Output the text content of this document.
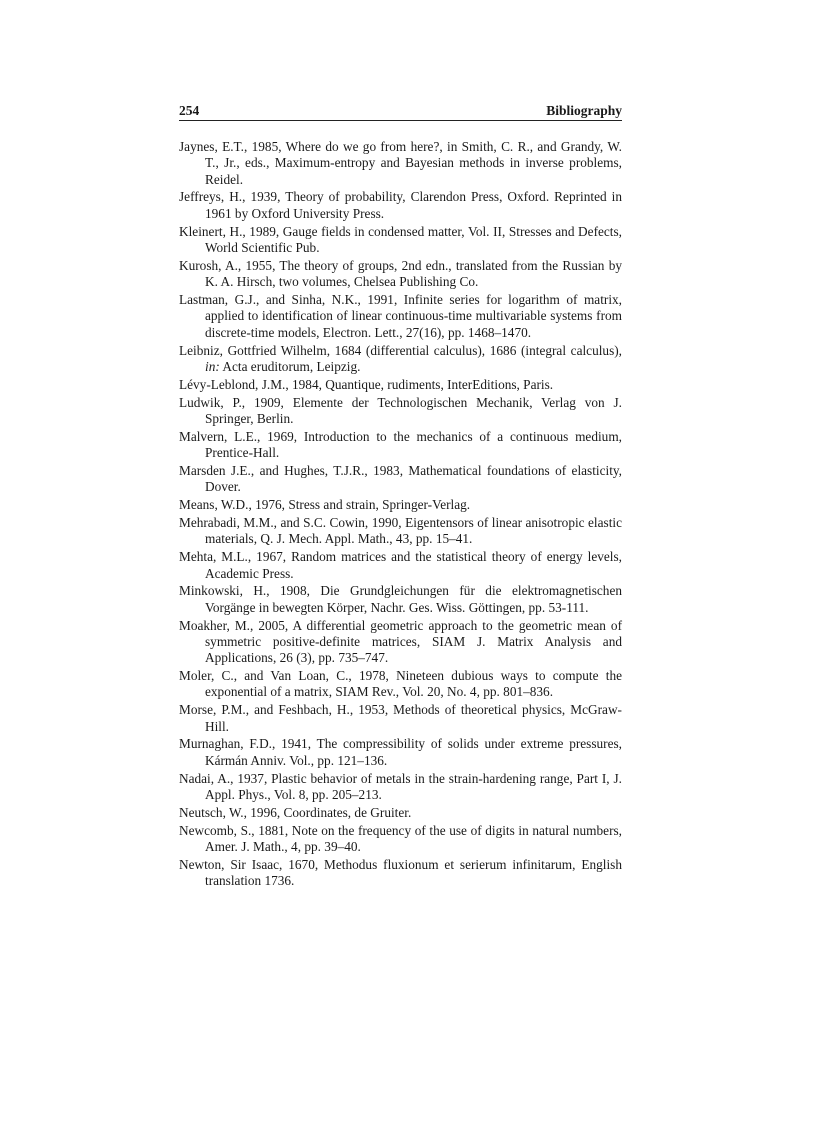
254	Bibliography
Jaynes, E.T., 1985, Where do we go from here?, in Smith, C. R., and Grandy, W. T., Jr., eds., Maximum-entropy and Bayesian methods in inverse problems, Reidel.
Jeffreys, H., 1939, Theory of probability, Clarendon Press, Oxford. Reprinted in 1961 by Oxford University Press.
Kleinert, H., 1989, Gauge fields in condensed matter, Vol. II, Stresses and Defects, World Scientific Pub.
Kurosh, A., 1955, The theory of groups, 2nd edn., translated from the Russian by K. A. Hirsch, two volumes, Chelsea Publishing Co.
Lastman, G.J., and Sinha, N.K., 1991, Infinite series for logarithm of matrix, applied to identification of linear continuous-time multivariable systems from discrete-time models, Electron. Lett., 27(16), pp. 1468–1470.
Leibniz, Gottfried Wilhelm, 1684 (differential calculus), 1686 (integral calculus), in: Acta eruditorum, Leipzig.
Lévy-Leblond, J.M., 1984, Quantique, rudiments, InterEditions, Paris.
Ludwik, P., 1909, Elemente der Technologischen Mechanik, Verlag von J. Springer, Berlin.
Malvern, L.E., 1969, Introduction to the mechanics of a continuous medium, Prentice-Hall.
Marsden J.E., and Hughes, T.J.R., 1983, Mathematical foundations of elasticity, Dover.
Means, W.D., 1976, Stress and strain, Springer-Verlag.
Mehrabadi, M.M., and S.C. Cowin, 1990, Eigentensors of linear anisotropic elastic materials, Q. J. Mech. Appl. Math., 43, pp. 15–41.
Mehta, M.L., 1967, Random matrices and the statistical theory of energy levels, Academic Press.
Minkowski, H., 1908, Die Grundgleichungen für die elektromagnetischen Vorgänge in bewegten Körper, Nachr. Ges. Wiss. Göttingen, pp. 53-111.
Moakher, M., 2005, A differential geometric approach to the geometric mean of symmetric positive-definite matrices, SIAM J. Matrix Analysis and Applications, 26 (3), pp. 735–747.
Moler, C., and Van Loan, C., 1978, Nineteen dubious ways to compute the exponential of a matrix, SIAM Rev., Vol. 20, No. 4, pp. 801–836.
Morse, P.M., and Feshbach, H., 1953, Methods of theoretical physics, McGraw-Hill.
Murnaghan, F.D., 1941, The compressibility of solids under extreme pressures, Kármán Anniv. Vol., pp. 121–136.
Nadai, A., 1937, Plastic behavior of metals in the strain-hardening range, Part I, J. Appl. Phys., Vol. 8, pp. 205–213.
Neutsch, W., 1996, Coordinates, de Gruiter.
Newcomb, S., 1881, Note on the frequency of the use of digits in natural numbers, Amer. J. Math., 4, pp. 39–40.
Newton, Sir Isaac, 1670, Methodus fluxionum et serierum infinitarum, English translation 1736.
